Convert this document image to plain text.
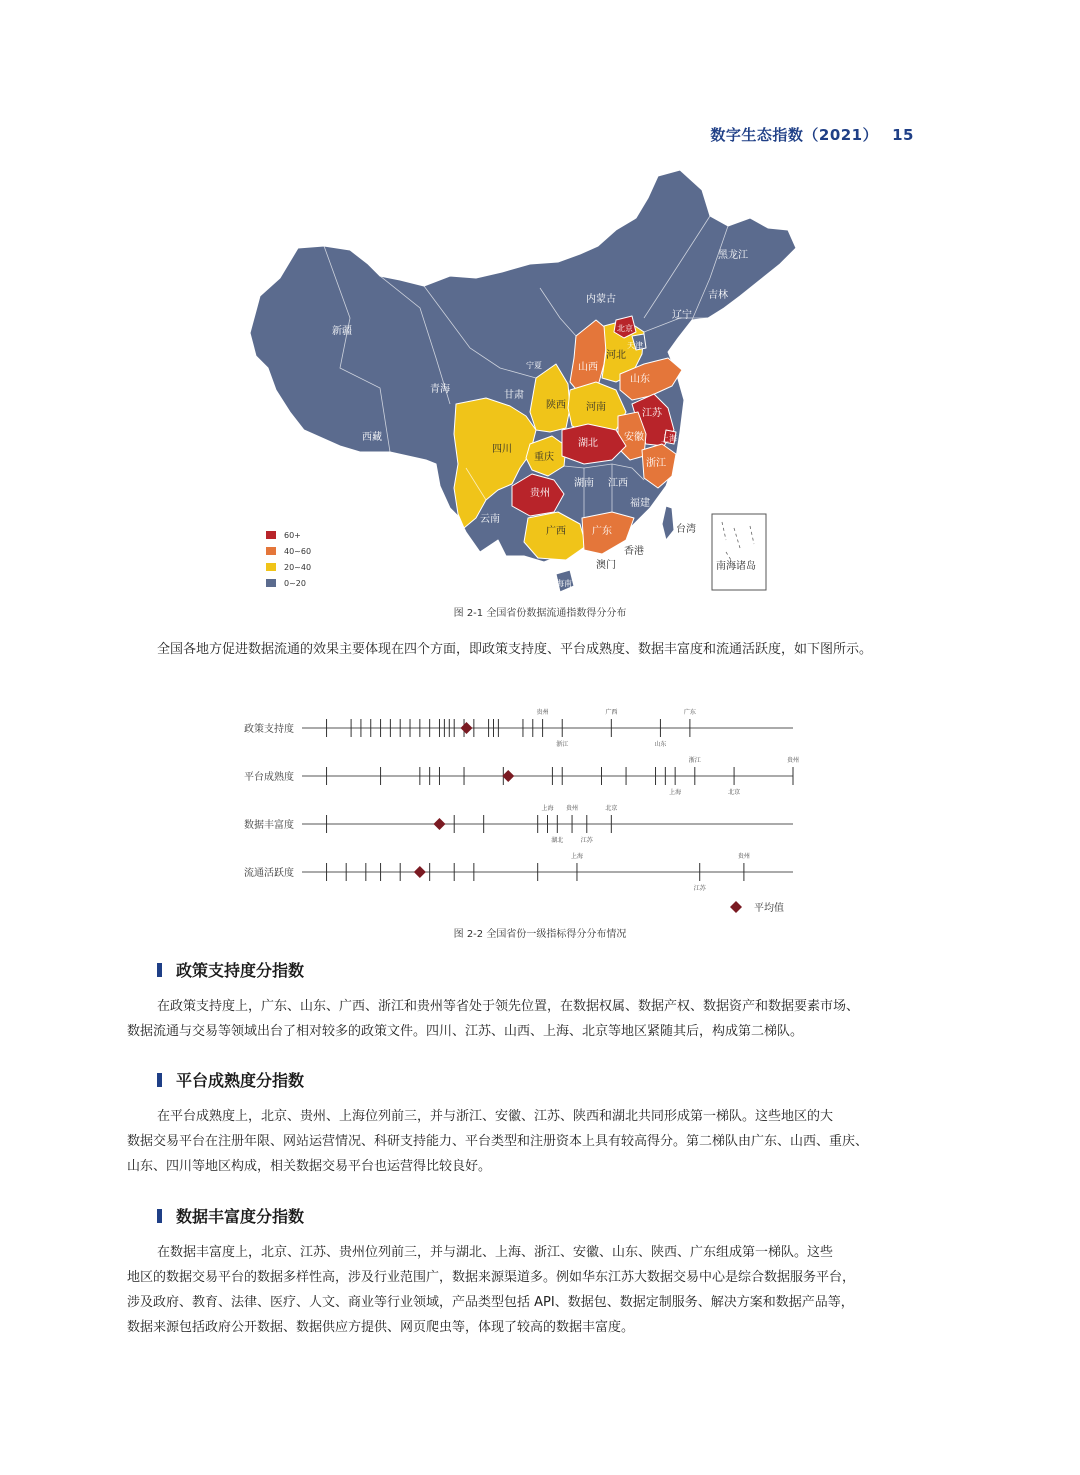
数字生态指数（2021） 15
60+
40~60
20~40
0~20
黑龙江
吉林
辽宁
内蒙古
新疆
西藏
青海
甘肃
宁夏
北京
天津
河北
山西
山东
陕西 河南
江苏
上海
安徽
湖北
四川
重庆
浙江
贵州
湖南 江西
福建
云南
广西	广东	台湾
香港
澳门
海南
南海诸岛
图 2-1 全国省份数据流通指数得分分布
全国各地方促进数据流通的效果主要体现在四个方面，即政策支持度、平台成熟度、数据丰富度和流通活跃度，如下图所示。
政策支持度
贵州
浙江
广西
山东
广东
平台成熟度
上海
浙江
北京
贵州
数据丰富度
上海
湖北
贵州
江苏
北京
流通活跃度
上海
江苏
贵州
平均值
图 2-2 全国省份一级指标得分分布情况
政策支持度分指数
在政策支持度上，广东、山东、广西、浙江和贵州等省处于领先位置，在数据权属、数据产权、数据资产和数据要素市场、
数据流通与交易等领域出台了相对较多的政策文件。四川、江苏、山西、上海、北京等地区紧随其后，构成第二梯队。
平台成熟度分指数
在平台成熟度上，北京、贵州、上海位列前三，并与浙江、安徽、江苏、陕西和湖北共同形成第一梯队。这些地区的大
数据交易平台在注册年限、网站运营情况、科研支持能力、平台类型和注册资本上具有较高得分。第二梯队由广东、山西、重庆、
山东、四川等地区构成，相关数据交易平台也运营得比较良好。
数据丰富度分指数
在数据丰富度上，北京、江苏、贵州位列前三，并与湖北、上海、浙江、安徽、山东、陕西、广东组成第一梯队。这些
地区的数据交易平台的数据多样性高，涉及行业范围广，数据来源渠道多。例如华东江苏大数据交易中心是综合数据服务平台，
涉及政府、教育、法律、医疗、人文、商业等行业领域，产品类型包括 API、数据包、数据定制服务、解决方案和数据产品等，
数据来源包括政府公开数据、数据供应方提供、网页爬虫等，体现了较高的数据丰富度。
